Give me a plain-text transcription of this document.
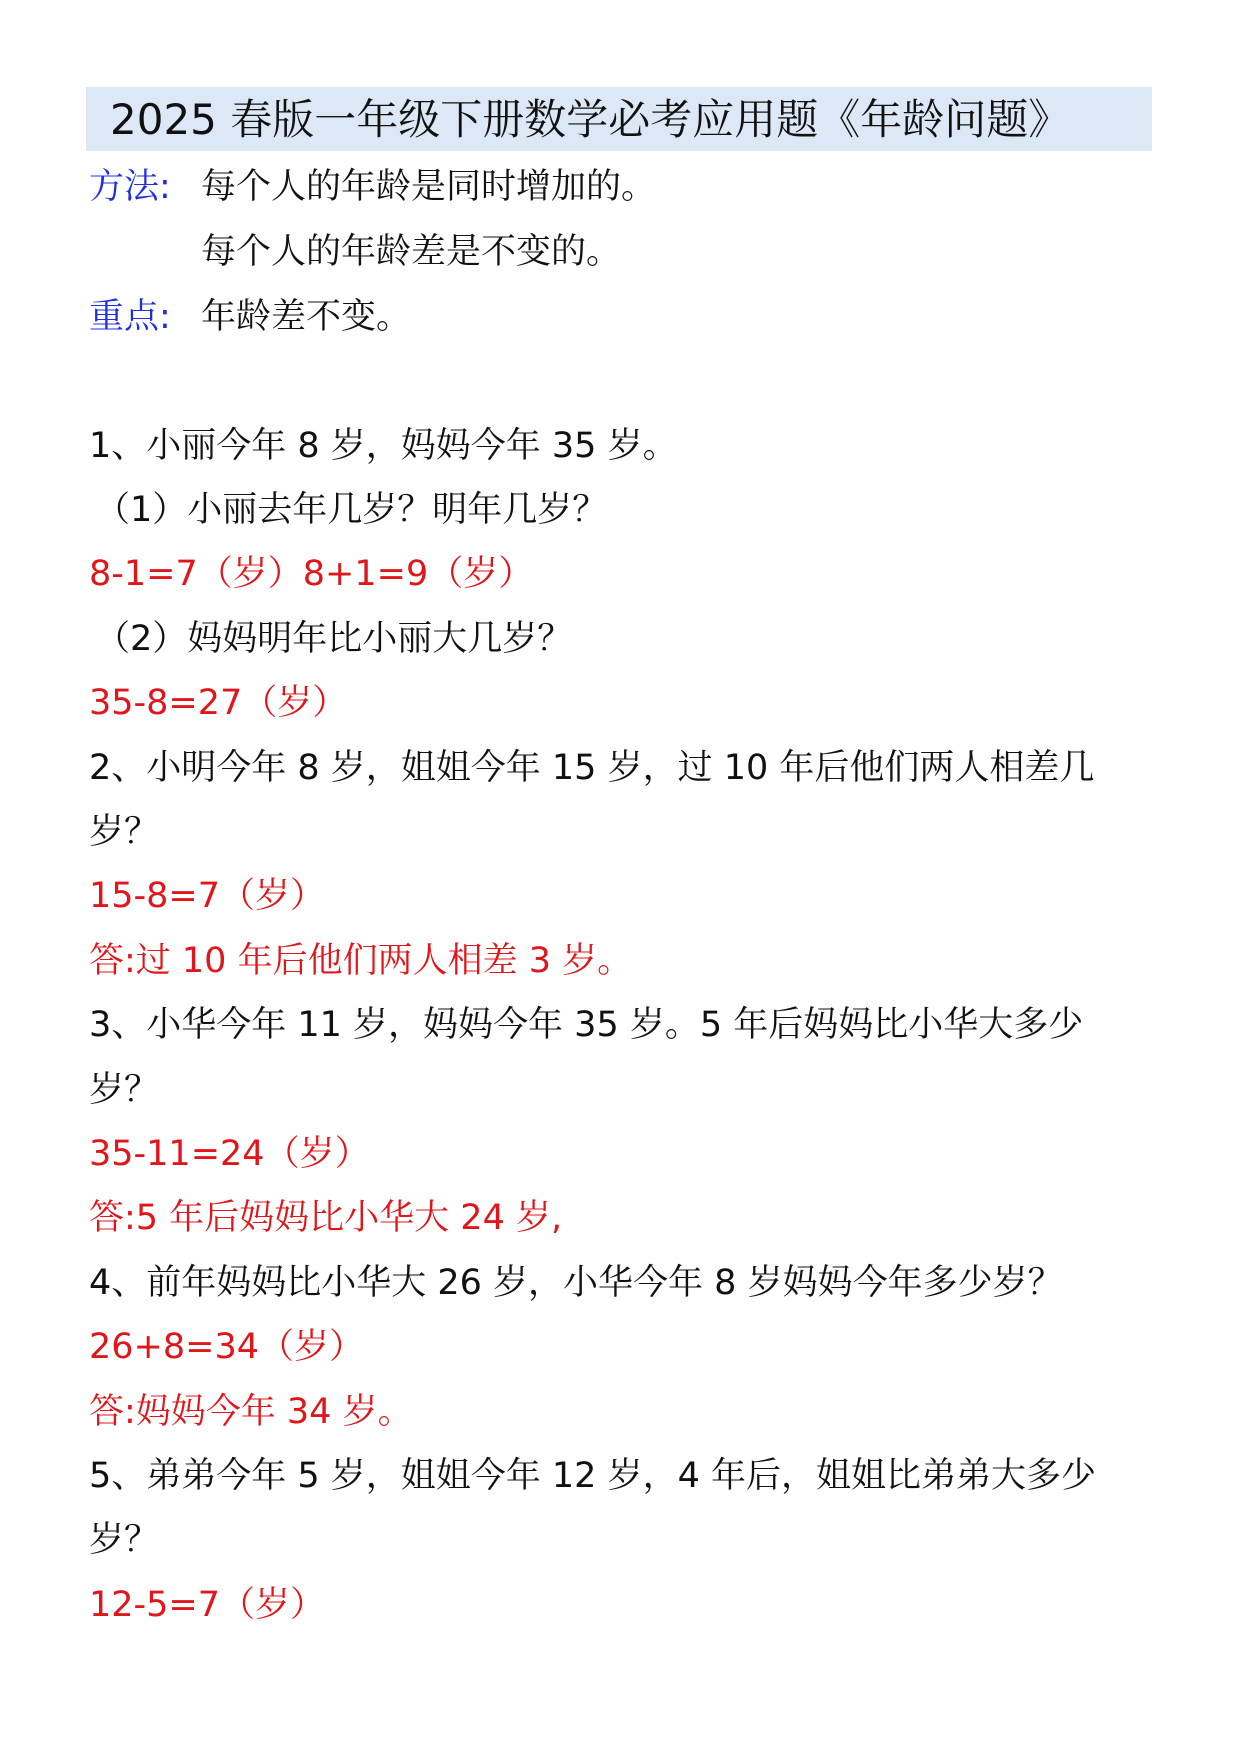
2025 春版一年级下册数学必考应用题《年龄问题》
方法: 每个人的年龄是同时增加的。
每个人的年龄差是不变的。
重点: 年龄差不变。
1、小丽今年 8 岁，妈妈今年 35 岁。
（1）小丽去年几岁？明年几岁？
8-1=7（岁）8+1=9（岁）
（2）妈妈明年比小丽大几岁？
35-8=27（岁）
2、小明今年 8 岁，姐姐今年 15 岁，过 10 年后他们两人相差几
岁？
15-8=7（岁）
答:过 10 年后他们两人相差 3 岁。
3、小华今年 11 岁，妈妈今年 35 岁。5 年后妈妈比小华大多少
岁？
35-11=24（岁）
答:5 年后妈妈比小华大 24 岁,
4、前年妈妈比小华大 26 岁，小华今年 8 岁妈妈今年多少岁？
26+8=34（岁）
答:妈妈今年 34 岁。
5、弟弟今年 5 岁，姐姐今年 12 岁，4 年后，姐姐比弟弟大多少
岁？
12-5=7（岁）
